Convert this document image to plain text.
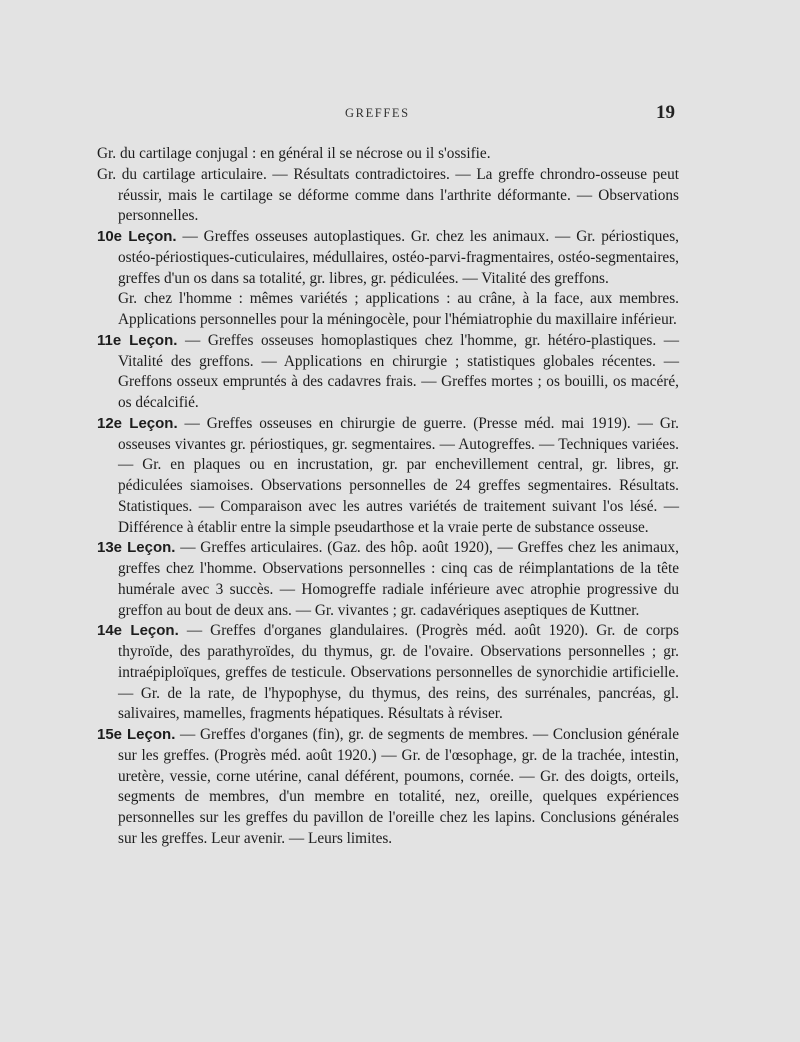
GREFFES	19

Gr. du cartilage conjugal : en général il se nécrose ou il s'ossifie.

Gr. du cartilage articulaire. — Résultats contradictoires. — La greffe chrondro-osseuse peut réussir, mais le cartilage se déforme comme dans l'arthrite déformante. — Observations personnelles.

10e Leçon. — Greffes osseuses autoplastiques. Gr. chez les animaux. — Gr. périostiques, ostéo-périostiques-cuticulaires, médullaires, ostéo-parvi-fragmentaires, ostéo-segmentaires, greffes d'un os dans sa totalité, gr. libres, gr. pédiculées. — Vitalité des greffons.

Gr. chez l'homme : mêmes variétés ; applications : au crâne, à la face, aux membres. Applications personnelles pour la méningocèle, pour l'hémiatrophie du maxillaire inférieur.

11e Leçon. — Greffes osseuses homoplastiques chez l'homme, gr. hétéro-plastiques. — Vitalité des greffons. — Applications en chirurgie ; statistiques globales récentes. — Greffons osseux empruntés à des cadavres frais. — Greffes mortes ; os bouilli, os macéré, os décalcifié.

12e Leçon. — Greffes osseuses en chirurgie de guerre. (Presse méd. mai 1919). — Gr. osseuses vivantes gr. périostiques, gr. segmentaires. — Autogreffes. — Techniques variées. — Gr. en plaques ou en incrustation, gr. par enchevillement central, gr. libres, gr. pédiculées siamoises. Observations personnelles de 24 greffes segmentaires. Résultats. Statistiques. — Comparaison avec les autres variétés de traitement suivant l'os lésé. — Différence à établir entre la simple pseudarthose et la vraie perte de substance osseuse.

13e Leçon. — Greffes articulaires. (Gaz. des hôp. août 1920), — Greffes chez les animaux, greffes chez l'homme. Observations personnelles : cinq cas de réimplantations de la tête humérale avec 3 succès. — Homogreffe radiale inférieure avec atrophie progressive du greffon au bout de deux ans. — Gr. vivantes ; gr. cadavériques aseptiques de Kuttner.

14e Leçon. — Greffes d'organes glandulaires. (Progrès méd. août 1920). Gr. de corps thyroïde, des parathyroïdes, du thymus, gr. de l'ovaire. Observations personnelles ; gr. intraépiploïques, greffes de testicule. Observations personnelles de synorchidie artificielle. — Gr. de la rate, de l'hypophyse, du thymus, des reins, des surrénales, pancréas, gl. salivaires, mamelles, fragments hépatiques. Résultats à réviser.

15e Leçon. — Greffes d'organes (fin), gr. de segments de membres. — Conclusion générale sur les greffes. (Progrès méd. août 1920.) — Gr. de l'œsophage, gr. de la trachée, intestin, uretère, vessie, corne utérine, canal déférent, poumons, cornée. — Gr. des doigts, orteils, segments de membres, d'un membre en totalité, nez, oreille, quelques expériences personnelles sur les greffes du pavillon de l'oreille chez les lapins. Conclusions générales sur les greffes. Leur avenir. — Leurs limites.
